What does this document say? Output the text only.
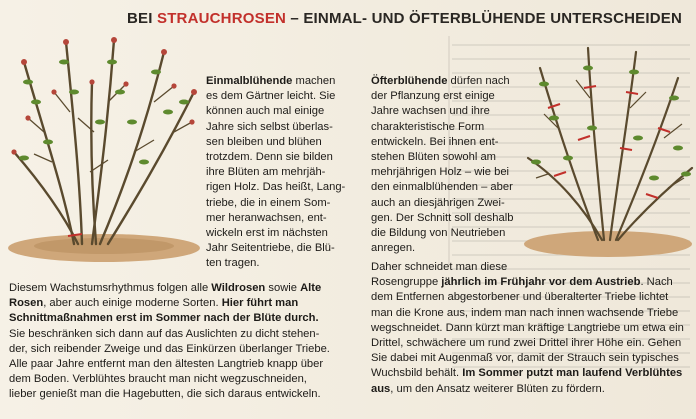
BEI STRAUCHROSEN – EINMAL- UND ÖFTERBLÜHENDE UNTERSCHEIDEN

Einmalblühende machen

es dem Gärtner leicht. Sie

können auch mal einige

Jahre sich selbst überlas-

sen bleiben und blühen

trotzdem. Denn sie bilden

ihre Blüten am mehrjäh-

rigen Holz. Das heißt, Lang-

triebe, die in einem Som-

mer heranwachsen, ent-

wickeln erst im nächsten

Jahr Seitentriebe, die Blü-

ten tragen.

Öfterblühende dürfen nach

der Pflanzung erst einige

Jahre wachsen und ihre

charakteristische Form

entwickeln. Bei ihnen ent-

stehen Blüten sowohl am

mehrjährigen Holz – wie bei

den einmalblühenden – aber

auch an diesjährigen Zwei-

gen. Der Schnitt soll deshalb

die Bildung von Neutrieben

anregen.

Diesem Wachstumsrhythmus folgen alle Wildrosen sowie Alte

Rosen, aber auch einige moderne Sorten. Hier führt man

Schnittmaßnahmen erst im Sommer nach der Blüte durch.

Sie beschränken sich dann auf das Auslichten zu dicht stehen-

der, sich reibender Zweige und das Einkürzen überlanger Triebe.

Alle paar Jahre entfernt man den ältesten Langtrieb knapp über

dem Boden. Verblühtes braucht man nicht wegzuschneiden,

lieber genießt man die Hagebutten, die sich daraus entwickeln.

Daher schneidet man diese

Rosengruppe jährlich im Frühjahr vor dem Austrieb. Nach

dem Entfernen abgestorbener und überalterter Triebe lichtet

man die Krone aus, indem man nach innen wachsende Triebe

wegschneidet. Dann kürzt man kräftige Langtriebe um etwa ein

Drittel, schwächere um rund zwei Drittel ihrer Höhe ein. Gehen

Sie dabei mit Augenmaß vor, damit der Strauch sein typisches

Wuchsbild behält. Im Sommer putzt man laufend Verblühtes

aus, um den Ansatz weiterer Blüten zu fördern.
